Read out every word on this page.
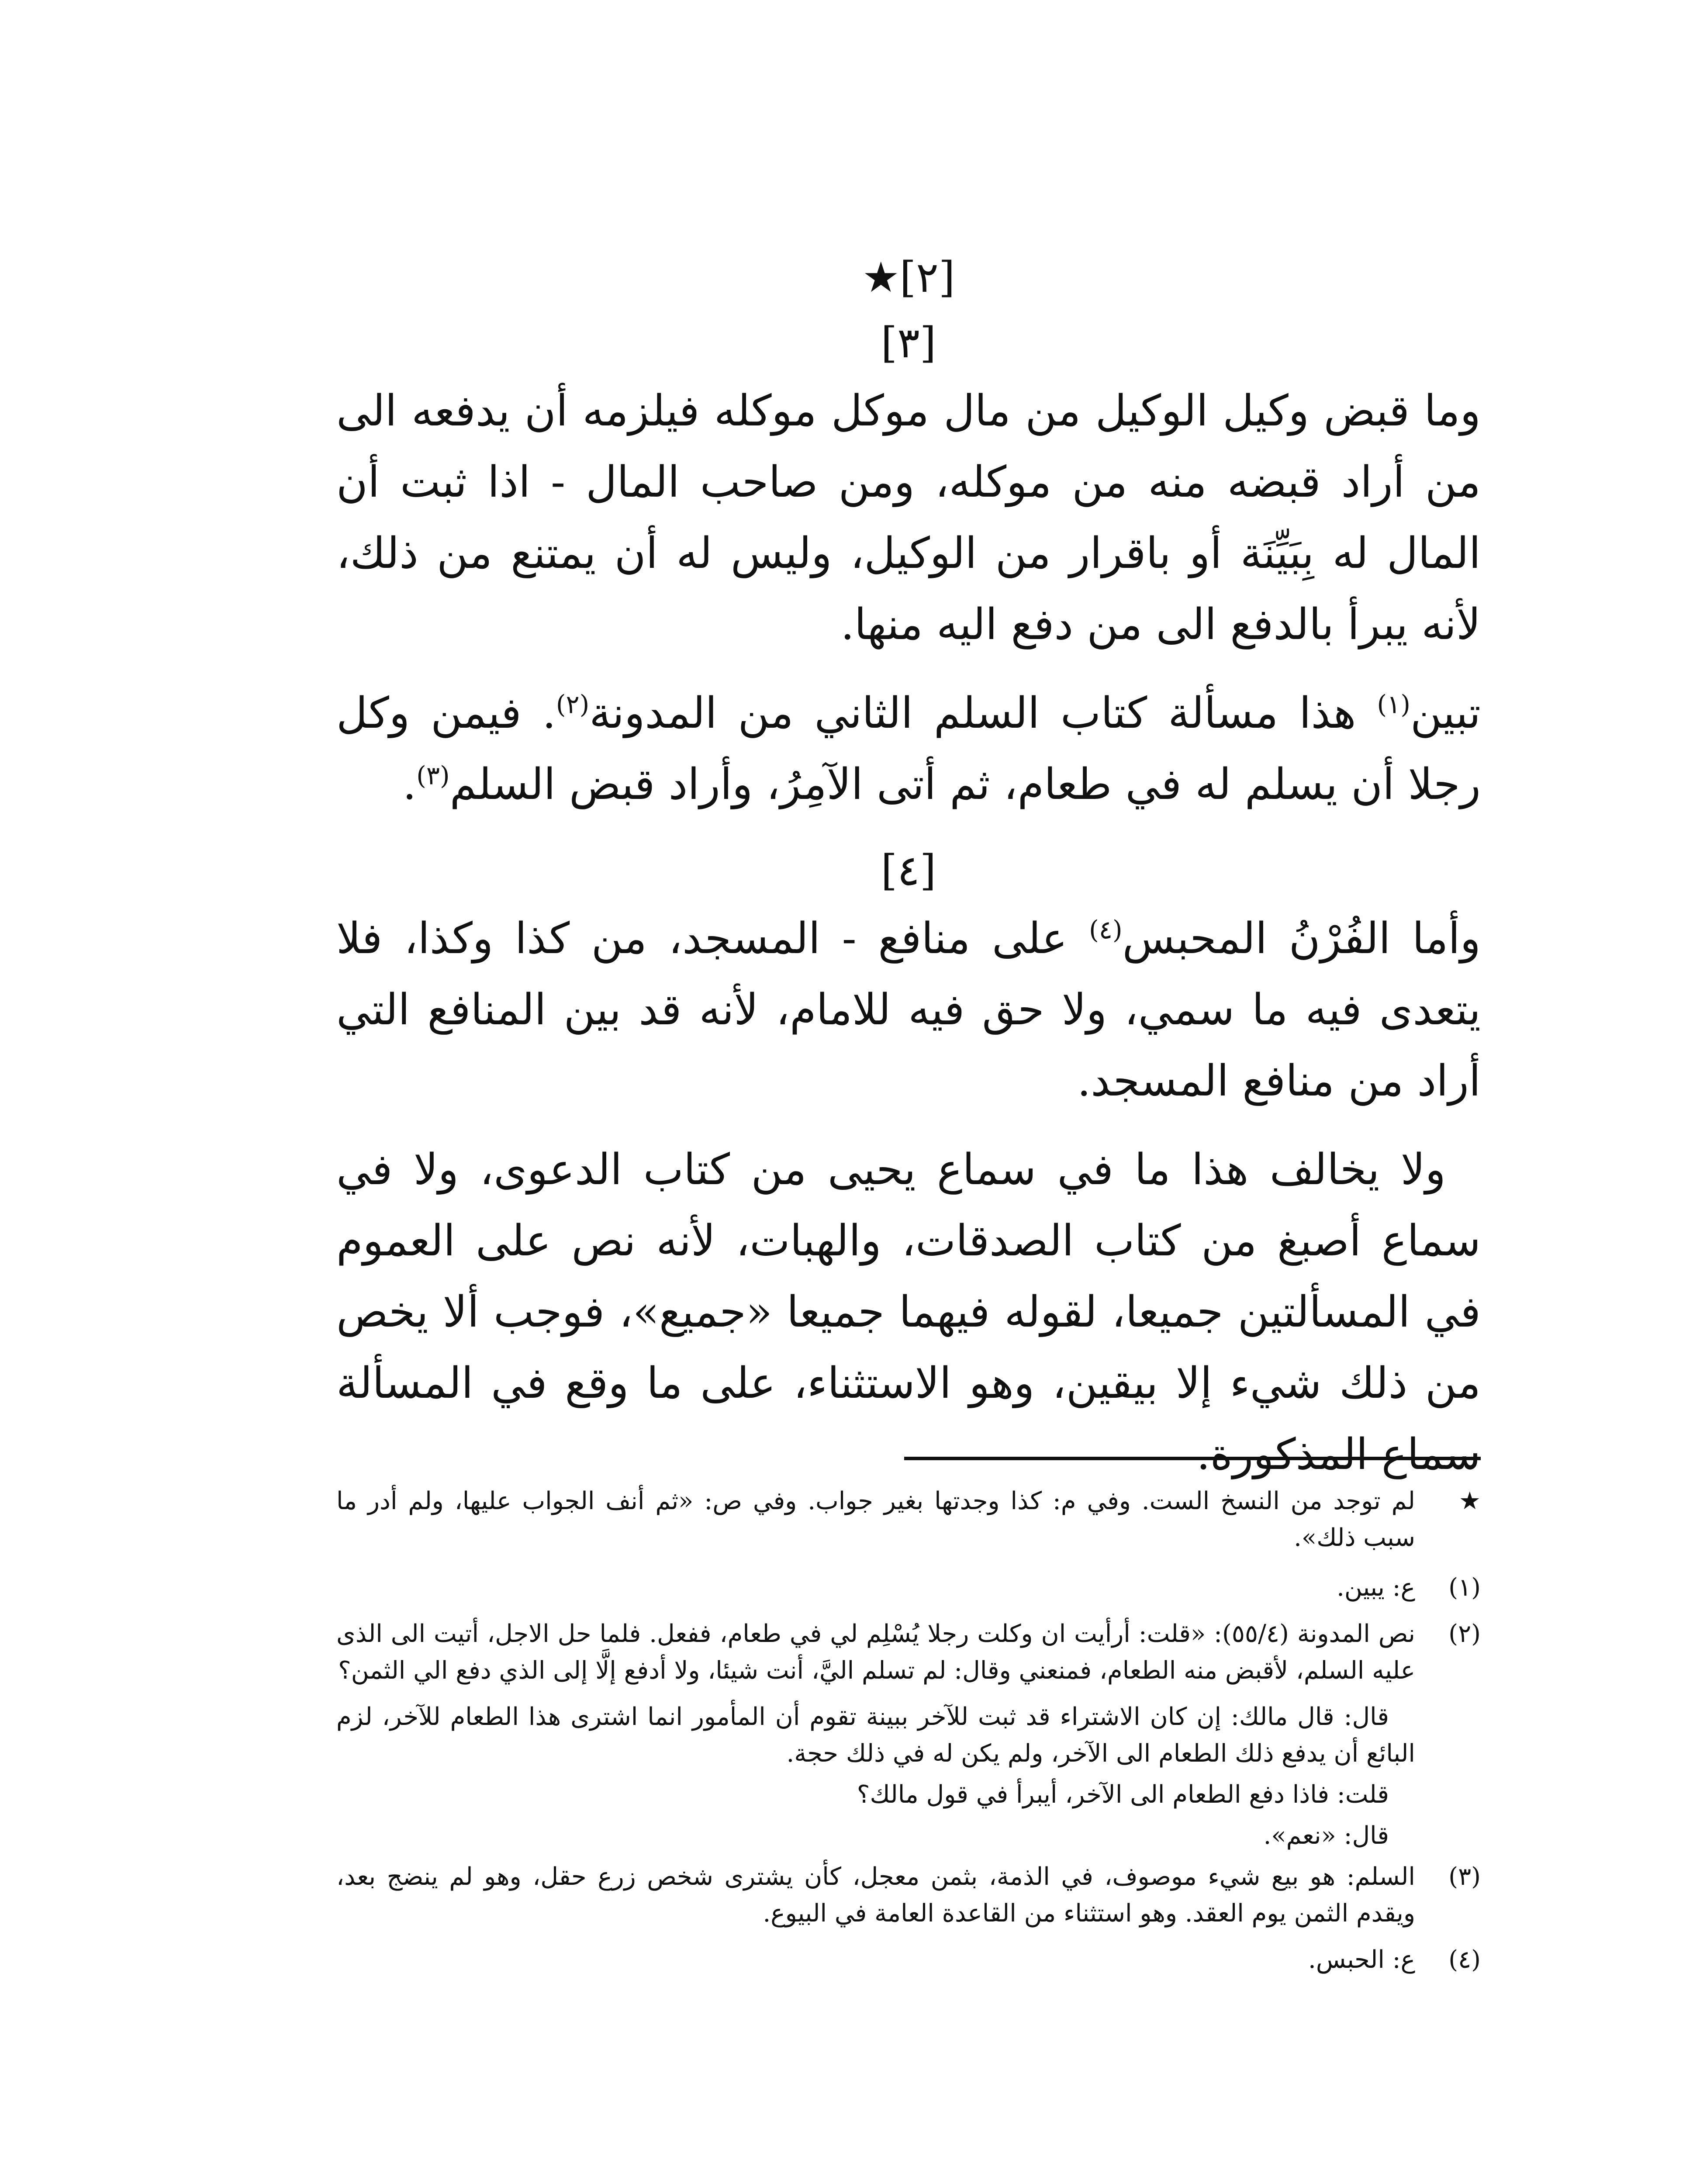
[٢]★
[٣]

وما قبض وكيل الوكيل من مال موكل موكله فيلزمه أن يدفعه الى من أراد قبضه منه من موكله، ومن صاحب المال - اذا ثبت أن المال له بِبَيِّنَة أو باقرار من الوكيل، وليس له أن يمتنع من ذلك، لأنه يبرأ بالدفع الى من دفع اليه منها.

تبين$^{(١)}$ هذا مسألة كتاب السلم الثاني من المدونة$^{(٢)}$. فيمن وكل رجلا أن يسلم له في طعام، ثم أتى الآمِرُ، وأراد قبض السلم$^{(٣)}$.

[٤]

وأما الفُرْنُ المحبس$^{(٤)}$ على منافع - المسجد، من كذا وكذا، فلا يتعدى فيه ما سمي، ولا حق فيه للامام، لأنه قد بين المنافع التي أراد من منافع المسجد.

ولا يخالف هذا ما في سماع يحيى من كتاب الدعوى، ولا في سماع أصبغ من كتاب الصدقات، والهبات، لأنه نص على العموم في المسألتين جميعا، لقوله فيهما جميعا «جميع»، فوجب ألا يخص من ذلك شيء إلا بيقين، وهو الاستثناء، على ما وقع في المسألة سماع المذكورة.

★
لم توجد من النسخ الست. وفي م: كذا وجدتها بغير جواب. وفي ص: «ثم أنف الجواب عليها، ولم أدر ما سبب ذلك».
(١)
ع: يبين.
(٢)
نص المدونة (٥٥/٤): «قلت: أرأيت ان وكلت رجلا يُسْلِم لي في طعام، ففعل. فلما حل الاجل، أتيت الى الذى عليه السلم، لأقبض منه الطعام، فمنعني وقال: لم تسلم اليَّ، أنت شيئا، ولا أدفع إلَّا إلى الذي دفع الي الثمن؟

قال: قال مالك: إن كان الاشتراء قد ثبت للآخر ببينة تقوم أن المأمور انما اشترى هذا الطعام للآخر، لزم البائع أن يدفع ذلك الطعام الى الآخر، ولم يكن له في ذلك حجة.

قلت: فاذا دفع الطعام الى الآخر، أيبرأ في قول مالك؟

قال: «نعم».

(٣)
السلم: هو بيع شيء موصوف، في الذمة، بثمن معجل، كأن يشترى شخص زرع حقل، وهو لم ينضج بعد، ويقدم الثمن يوم العقد. وهو استثناء من القاعدة العامة في البيوع.
(٤)
ع: الحبس.
